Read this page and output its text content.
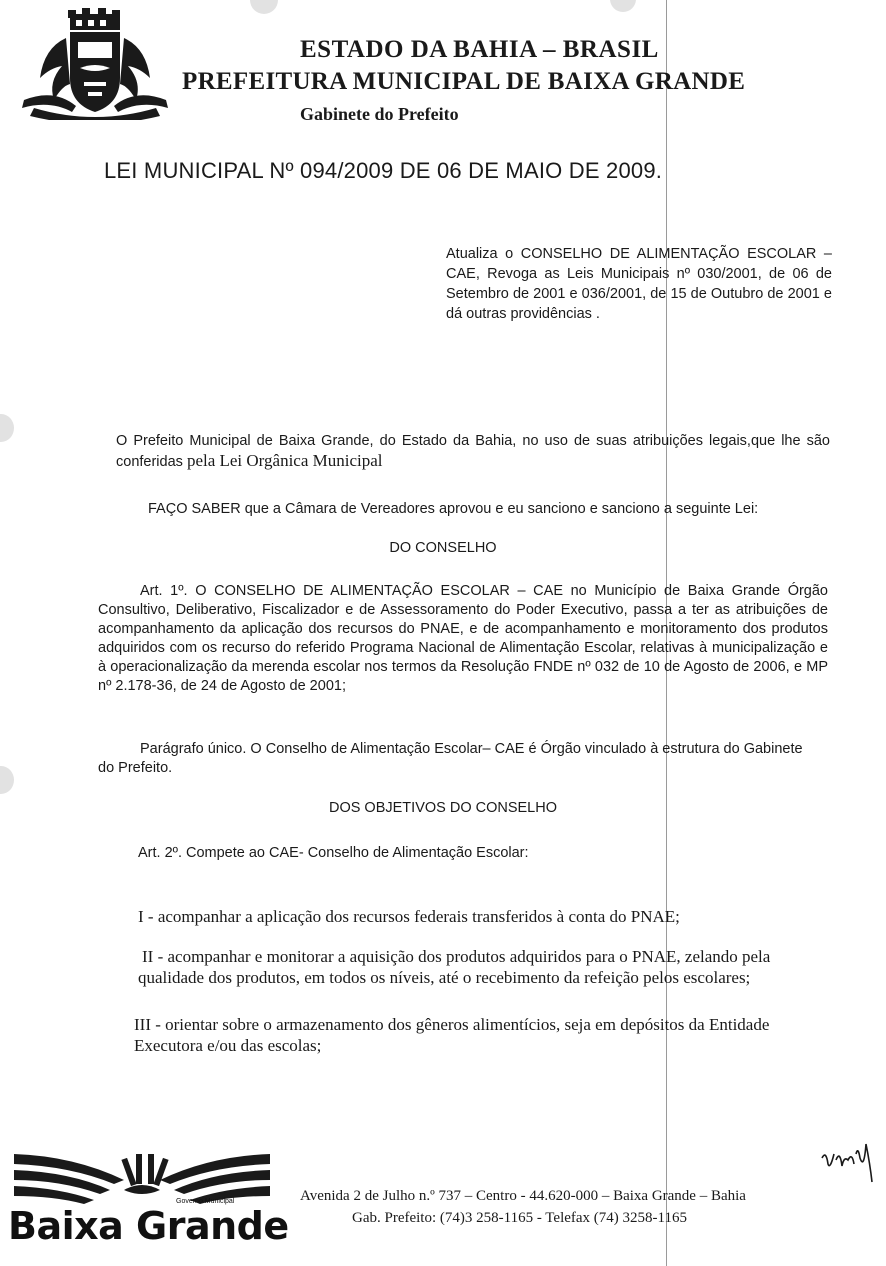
ESTADO DA BAHIA – BRASIL
PREFEITURA MUNICIPAL DE BAIXA GRANDE
Gabinete do Prefeito
LEI MUNICIPAL Nº 094/2009 DE 06 DE MAIO DE 2009.
Atualiza o CONSELHO DE ALIMENTAÇÃO ESCOLAR – CAE, Revoga as Leis Municipais nº 030/2001, de 06 de Setembro de 2001 e 036/2001, de 15 de Outubro de 2001 e dá outras providências .
O Prefeito Municipal de Baixa Grande, do Estado da Bahia, no uso de suas atribuições legais,que lhe são conferidas pela Lei Orgânica Municipal
FAÇO SABER que a Câmara de Vereadores aprovou e eu sanciono e sanciono a seguinte Lei:
DO CONSELHO
Art. 1º. O CONSELHO DE ALIMENTAÇÃO ESCOLAR – CAE no Município de Baixa Grande Órgão Consultivo, Deliberativo, Fiscalizador e de Assessoramento do Poder Executivo, passa a ter as atribuições de acompanhamento da aplicação dos recursos do PNAE, e de acompanhamento e monitoramento dos produtos adquiridos com os recurso do referido Programa Nacional de Alimentação Escolar, relativas à municipalização e à operacionalização da merenda escolar nos termos da Resolução FNDE nº 032 de 10 de Agosto de 2006, e MP nº 2.178-36, de 24 de Agosto de 2001;
Parágrafo único. O Conselho de Alimentação Escolar– CAE é Órgão vinculado à estrutura do Gabinete do Prefeito.
DOS OBJETIVOS DO CONSELHO
Art. 2º. Compete ao CAE- Conselho de Alimentação Escolar:
I - acompanhar a aplicação dos recursos federais transferidos à conta do PNAE;
II - acompanhar e monitorar a aquisição dos produtos adquiridos para o PNAE, zelando pela qualidade dos produtos, em todos os níveis, até o recebimento da refeição pelos escolares;
III - orientar sobre o armazenamento dos gêneros alimentícios, seja em depósitos da Entidade Executora e/ou das escolas;
Governo Municipal
Baixa Grande
Avenida 2 de Julho n.º 737 – Centro - 44.620-000 – Baixa Grande – Bahia
Gab. Prefeito: (74)3 258-1165 - Telefax (74) 3258-1165
